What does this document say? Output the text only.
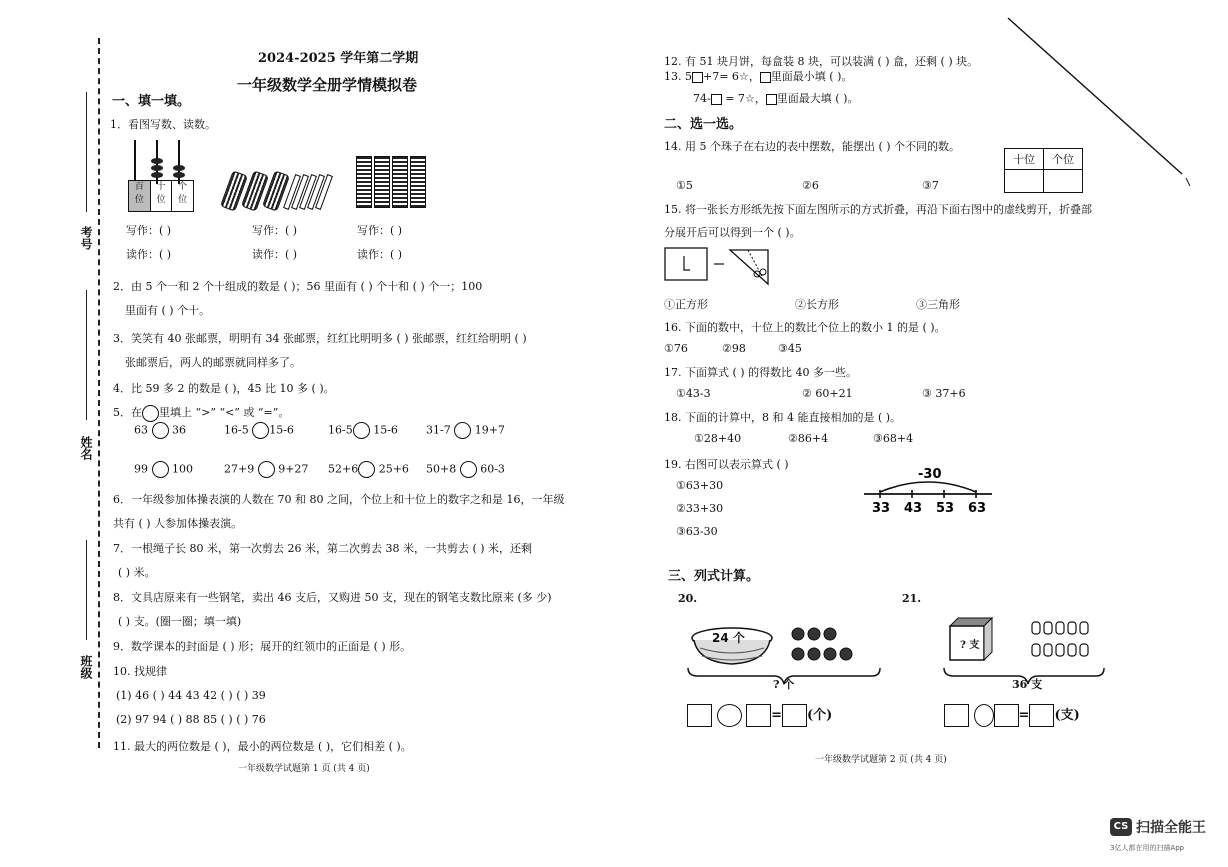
考号
姓名
班级
2024-2025 学年第二学期
一年级数学全册学情模拟卷
一、填一填。
1．看图写数、读数。
百
位
十
位
个
位

写作：( )	写作：( )	写作：( )
读作：( )	读作：( )	读作：( )
2．由 5 个一和 2 个十组成的数是 ( )；56 里面有 ( ) 个十和 ( ) 个一；100
里面有 ( ) 个十。
3．笑笑有 40 张邮票，明明有 34 张邮票，红红比明明多 ( ) 张邮票，红红给明明 ( )
张邮票后，两人的邮票就同样多了。
4．比 59 多 2 的数是 ( )，45 比 10 多 ( )。
5．在 里填上 “>” “<” 或 “=”。
63 36	16-5 15-6	16-5 15-6	31-7 19+7
99 100	27+9 9+27 52+6 25+6 50+8 60-3
6．一年级参加体操表演的人数在 70 和 80 之间，个位上和十位上的数字之和是 16，一年级
共有 ( ) 人参加体操表演。
7．一根绳子长 80 米，第一次剪去 26 米，第二次剪去 38 米，一共剪去 ( ) 米，还剩
( ) 米。
8．文具店原来有一些钢笔，卖出 46 支后，又购进 50 支，现在的钢笔支数比原来 (多 少)
( ) 支。(圈一圈；填一填)
9．数学课本的封面是 ( ) 形；展开的红领巾的正面是 ( ) 形。
10. 找规律
(1) 46 ( ) 44 43 42 ( ) ( ) 39
(2) 97 94 ( ) 88 85 ( ) ( ) 76
11. 最大的两位数是 ( )，最小的两位数是 ( )，它们相差 ( )。
一年级数学试题第 1 页 (共 4 页)
12. 有 51 块月饼，每盒装 8 块，可以装满 ( ) 盒，还剩 ( ) 块。
13. 5 +7= 6☆， 里面最小填 ( )。
74- = 7☆， 里面最大填 ( )。
二、选一选。
14. 用 5 个珠子在右边的表中摆数，能摆出 ( ) 个不同的数。
十位	个位

①5	②6	③7
15. 将一张长方形纸先按下面左图所示的方式折叠，再沿下面右图中的虚线剪开，折叠部
分展开后可以得到一个 ( )。
①正方形	②长方形	③三角形
16. 下面的数中，十位上的数比个位上的数小 1 的是 ( )。
①76	②98	③45
17. 下面算式 ( ) 的得数比 40 多一些。
①43-3	② 60+21	③ 37+6
18. 下面的计算中，8 和 4 能直接相加的是 ( )。
①28+40	②86+4	③68+4
19. 右图可以表示算式 ( )
①63+30
②33+30
③63-30
-30
33 43 53 63
三、列式计算。
20.	21.
24 个
? 个
= (个)
? 支
36 支
= (支)
一年级数学试题第 2 页 (共 4 页)
CS 扫描全能王
3亿人都在用的扫描App
